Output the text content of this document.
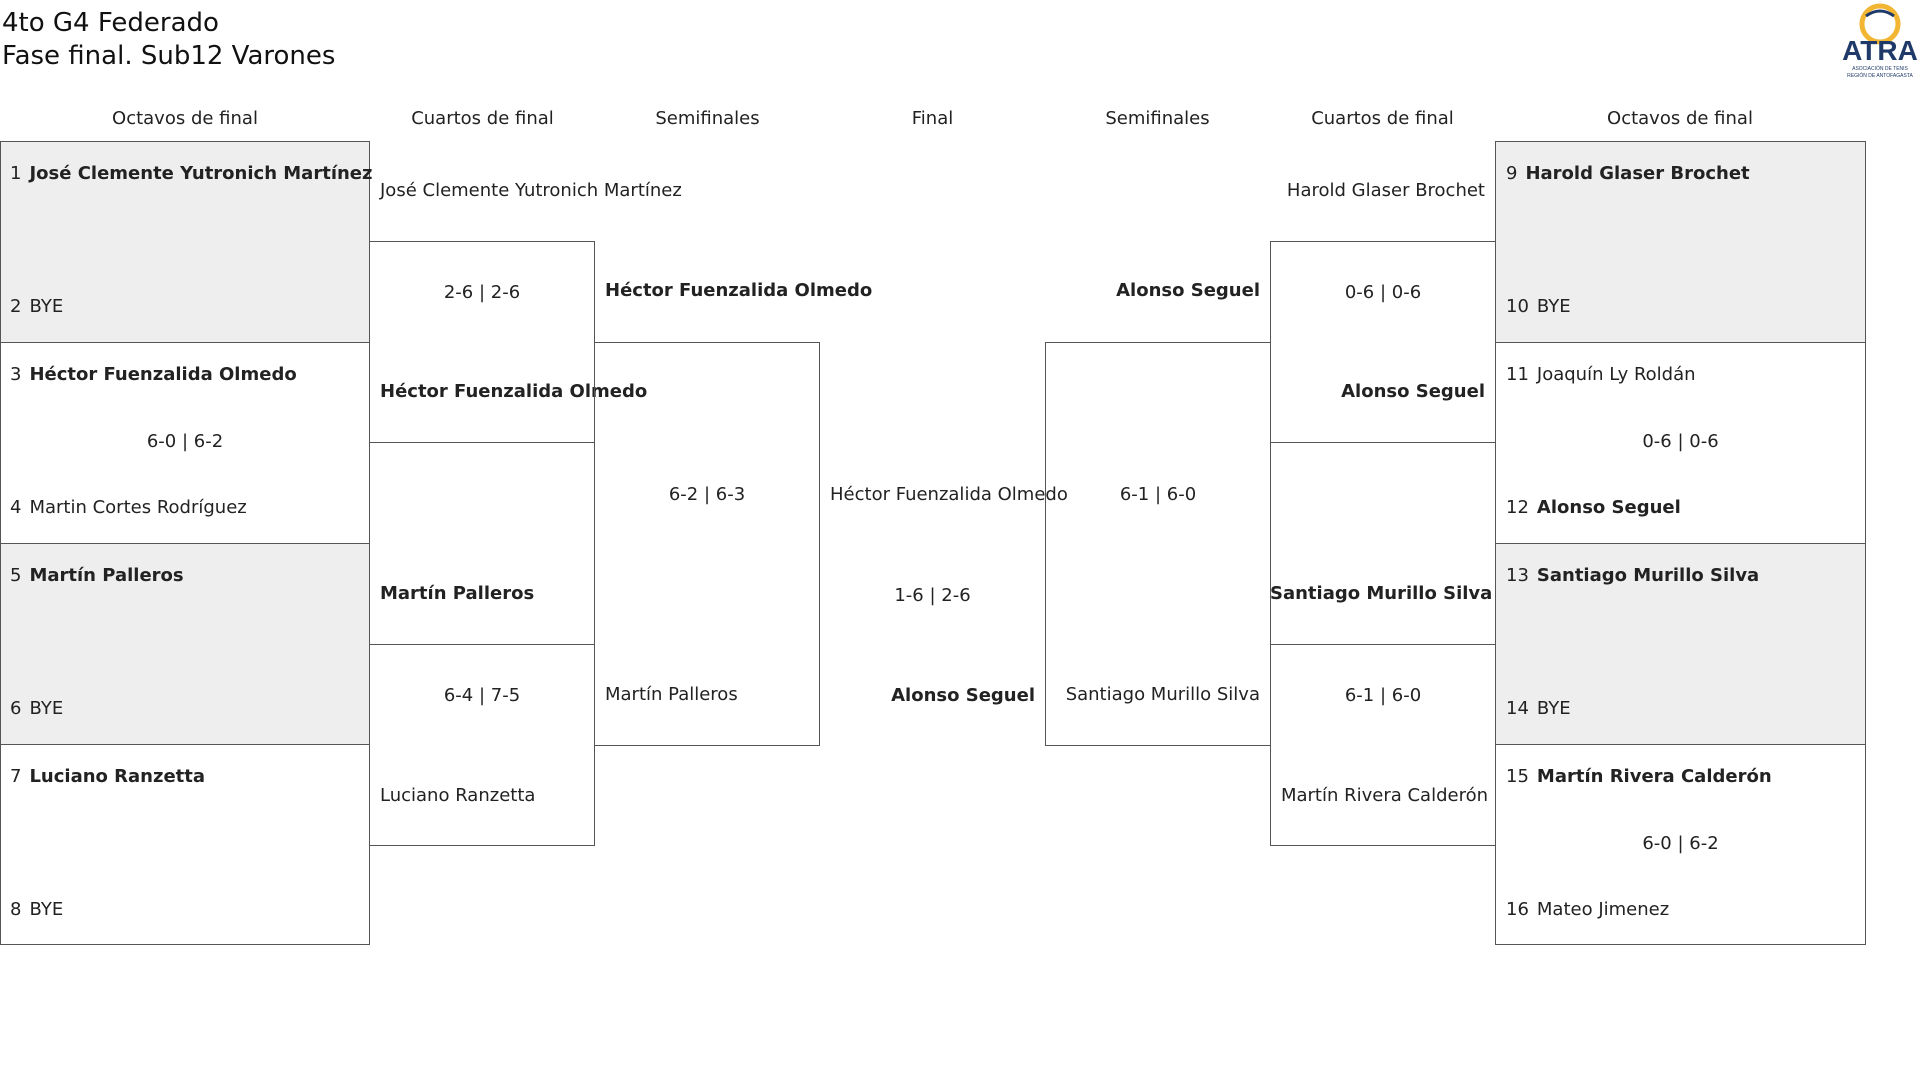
4to G4 Federado
Fase final. Sub12 Varones	ATRA
ASOCIACIÓN DE TENIS
REGIÓN DE ANTOFAGASTA
Octavos de final	Cuartos de final	Semifinales	Final	Semifinales	Cuartos de final	Octavos de final
1 José Clemente Yutronich Martínez
2 BYE
3 Héctor Fuenzalida Olmedo
6-0 | 6-2
4 Martin Cortes Rodríguez
5 Martín Palleros
6 BYE
7 Luciano Ranzetta
8 BYE
José Clemente Yutronich Martínez
2-6 | 2-6
Héctor Fuenzalida Olmedo
Martín Palleros
6-4 | 7-5
Luciano Ranzetta
Héctor Fuenzalida Olmedo
6-2 | 6-3
Martín Palleros
Héctor Fuenzalida Olmedo
1-6 | 2-6
Alonso Seguel
Alonso Seguel
6-1 | 6-0
Santiago Murillo Silva
Harold Glaser Brochet
0-6 | 0-6
Alonso Seguel
Santiago Murillo Silva
6-1 | 6-0
Martín Rivera Calderón
9 Harold Glaser Brochet
10 BYE
11 Joaquín Ly Roldán
0-6 | 0-6
12 Alonso Seguel
13 Santiago Murillo Silva
14 BYE
15 Martín Rivera Calderón
6-0 | 6-2
16 Mateo Jimenez
